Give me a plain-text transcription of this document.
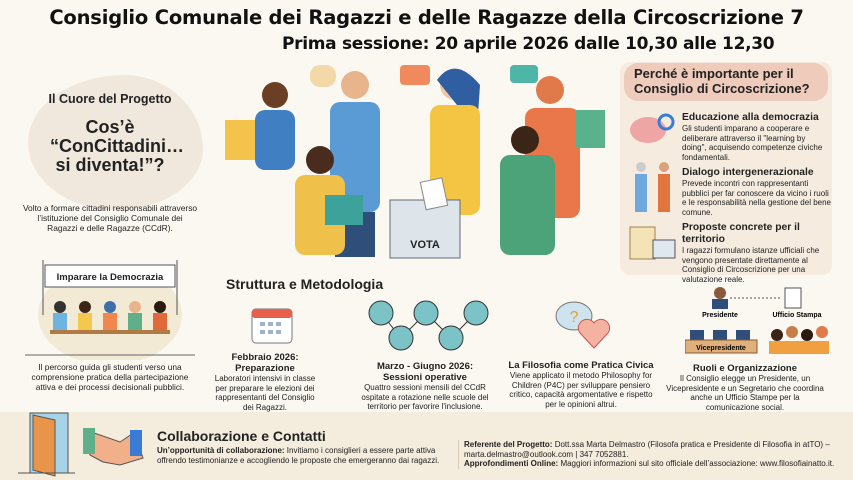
Consiglio Comunale dei Ragazzi e delle Ragazze della Circoscrizione 7
Prima sessione: 20 aprile 2026 dalle 10,30 alle 12,30
Il Cuore del Progetto
Cos’è “ConCittadini… si diventa!”?
Volto a formare cittadini responsabili attraverso l’istituzione del Consiglio Comunale dei Ragazzi e delle Ragazze (CCdR).
VOTA
Perché è importante per il Consiglio di Circoscrizione?
Educazione alla democrazia
Gli studenti imparano a cooperare e deliberare attraverso il "learning by doing", acquisendo competenze civiche fondamentali.
Dialogo intergenerazionale
Prevede incontri con rappresentanti pubblici per far conoscere da vicino i ruoli e le responsabilità nella gestione del bene comune.
Proposte concrete per il territorio
I ragazzi formulano istanze ufficiali che vengono presentate direttamente al Consiglio di Circoscrizione per una valutazione reale.
Imparare la Democrazia
Il percorso guida gli studenti verso una comprensione pratica della partecipazione attiva e dei processi decisionali pubblici.
Struttura e Metodologia
?	Presidente	Ufficio Stampa
Vicepresidente
Febbraio 2026: Preparazione
Laboratori intensivi in classe per preparare le elezioni dei rappresentanti del Consiglio dei Ragazzi.
Marzo - Giugno 2026: Sessioni operative
Quattro sessioni mensili del CCdR ospitate a rotazione nelle scuole del territorio per favorire l'inclusione.
La Filosofia come Pratica Civica
Viene applicato il metodo Philosophy for Children (P4C) per sviluppare pensiero critico, capacità argomentative e rispetto per le opinioni altrui.
Ruoli e Organizzazione
Il Consiglio elegge un Presidente, un Vicepresidente e un Segretario che coordina anche un Ufficio Stampe per la comunicazione social.
Collaborazione e Contatti
Un’opportunità di collaborazione: Invitiamo i consiglieri a essere parte attiva offrendo testimonianze e accogliendo le proposte che emergeranno dai ragazzi.
Referente del Progetto: Dott.ssa Marta Delmastro (Filosofa pratica e Presidente di Filosofia in atTO) – marta.delmastro@outlook.com | 347 7052881.
Approfondimenti Online: Maggiori informazioni sul sito officiale dell’associazione: www.filosofiainatto.it.
